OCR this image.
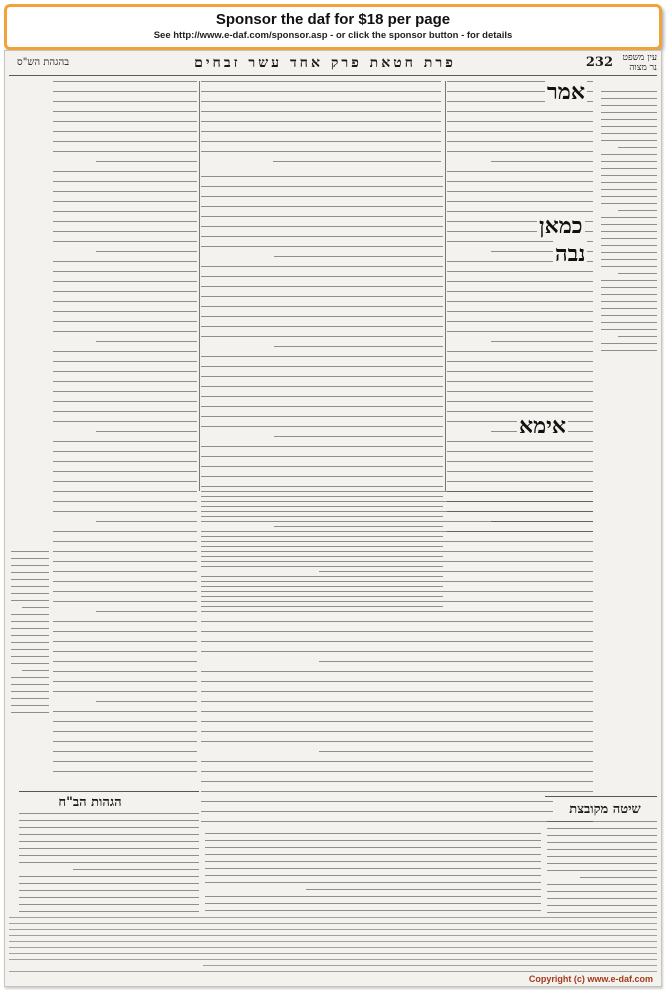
Sponsor the daf for $18 per page
See http://www.e-daf.com/sponsor.asp - or click the sponsor button - for details
בהגהת הש"ס	פרת חטאת פרק אחד עשר זבחים	232	עין משפט
נר מצוה
אמר
כמאן
נבה
אימא
הגהות הב"ח	שיטה מקובצת
Copyright (c) www.e-daf.com
